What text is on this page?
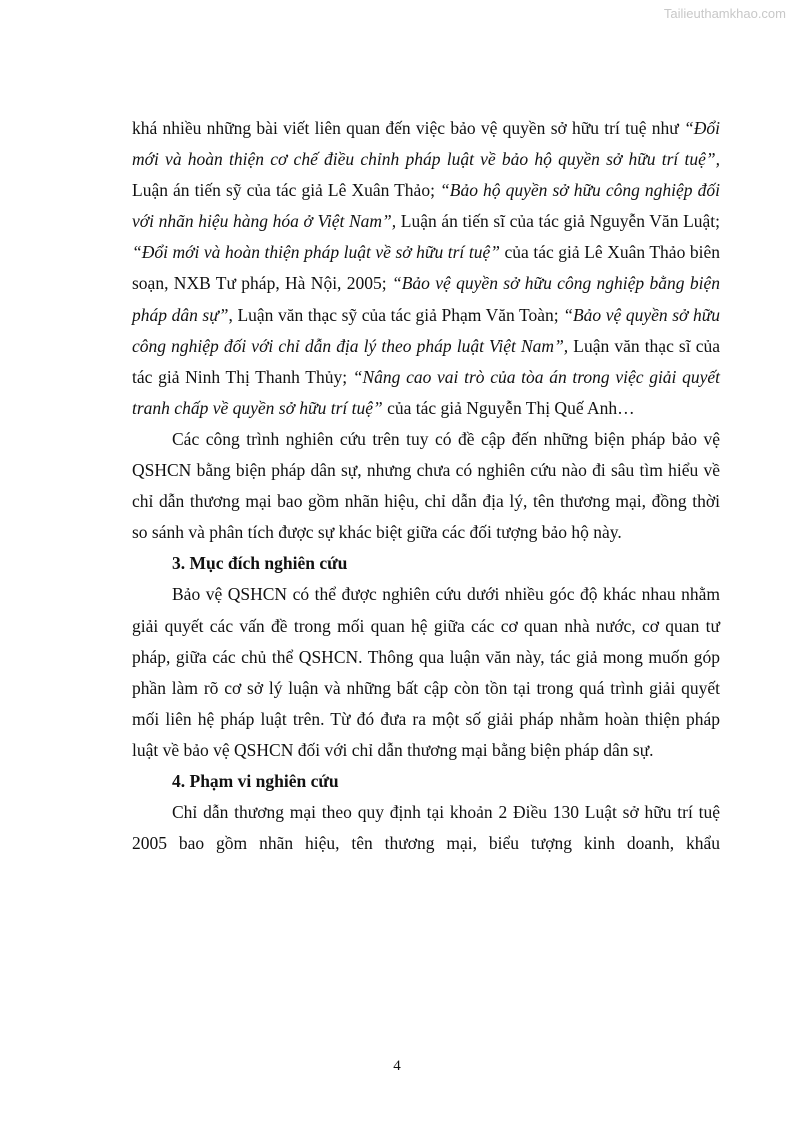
Tailieuthamkhao.com

khá nhiều những bài viết liên quan đến việc bảo vệ quyền sở hữu trí tuệ như “Đổi mới và hoàn thiện cơ chế điều chỉnh pháp luật về bảo hộ quyền sở hữu trí tuệ”, Luận án tiến sỹ của tác giả Lê Xuân Thảo; “Bảo hộ quyền sở hữu công nghiệp đối với nhãn hiệu hàng hóa ở Việt Nam”, Luận án tiến sĩ của tác giả Nguyễn Văn Luật; “Đổi mới và hoàn thiện pháp luật về sở hữu trí tuệ” của tác giả Lê Xuân Thảo biên soạn, NXB Tư pháp, Hà Nội, 2005; “Bảo vệ quyền sở hữu công nghiệp bằng biện pháp dân sự”, Luận văn thạc sỹ của tác giả Phạm Văn Toàn; “Bảo vệ quyền sở hữu công nghiệp đối với chỉ dẫn địa lý theo pháp luật Việt Nam”, Luận văn thạc sĩ của tác giả Ninh Thị Thanh Thủy; “Nâng cao vai trò của tòa án trong việc giải quyết tranh chấp về quyền sở hữu trí tuệ” của tác giả Nguyễn Thị Quế Anh…

Các công trình nghiên cứu trên tuy có đề cập đến những biện pháp bảo vệ QSHCN bằng biện pháp dân sự, nhưng chưa có nghiên cứu nào đi sâu tìm hiểu về chỉ dẫn thương mại bao gồm nhãn hiệu, chỉ dẫn địa lý, tên thương mại, đồng thời so sánh và phân tích được sự khác biệt giữa các đối tượng bảo hộ này.

3. Mục đích nghiên cứu

Bảo vệ QSHCN có thể được nghiên cứu dưới nhiều góc độ khác nhau nhằm giải quyết các vấn đề trong mối quan hệ giữa các cơ quan nhà nước, cơ quan tư pháp, giữa các chủ thể QSHCN. Thông qua luận văn này, tác giả mong muốn góp phần làm rõ cơ sở lý luận và những bất cập còn tồn tại trong quá trình giải quyết mối liên hệ pháp luật trên. Từ đó đưa ra một số giải pháp nhằm hoàn thiện pháp luật về bảo vệ QSHCN đối với chỉ dẫn thương mại bằng biện pháp dân sự.

4. Phạm vi nghiên cứu

Chỉ dẫn thương mại theo quy định tại khoản 2 Điều 130 Luật sở hữu trí tuệ 2005 bao gồm nhãn hiệu, tên thương mại, biểu tượng kinh doanh, khẩu

4
